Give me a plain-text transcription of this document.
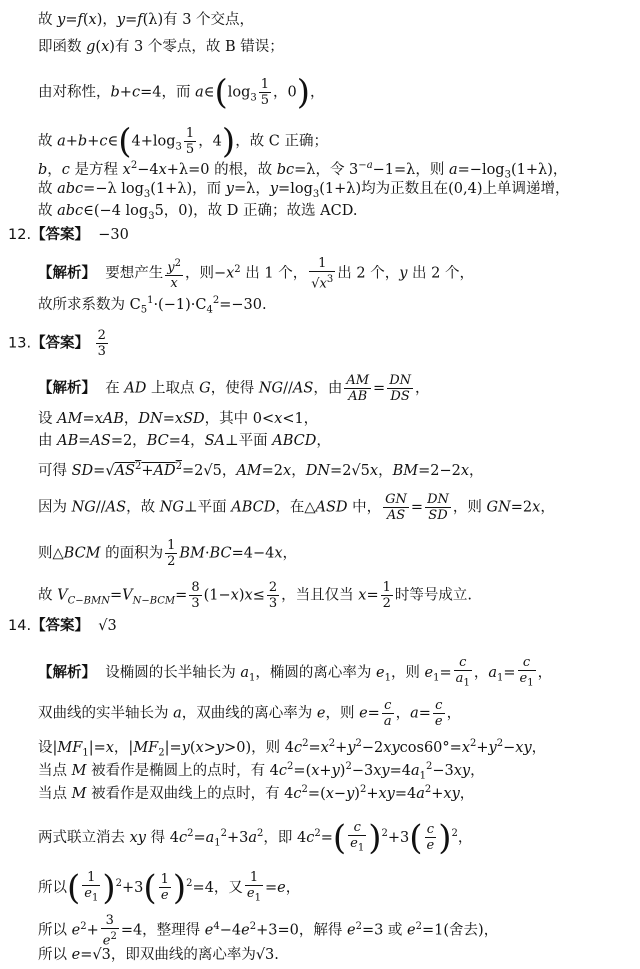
故 y=f(x)，y=f(λ)有 3 个交点，
即函数 g(x)有 3 个零点，故 B 错误；
由对称性，b+c=4，而 $a\in(\log_3 \frac{1}{5}$ ，0)，
故 $a+b+c\in(4+\log_3 \frac{1}{5}$ ，4)，故 C 正确；
b，c 是方程 $x^2-4x+\lambda=0$ 的根，故 bc=λ，令 $3^{-a}-1=\lambda$，则 $a=-\log_3(1+\lambda)$，
故 abc=−λ $\log_3(1+\lambda)$，而 y=λ，$y=\log_3(1+\lambda)$均为正数且在(0,4)上单调递增，
故 abc∈(−4 $\log_35$，0)，故 D 正确；故选 ACD.
12.【答案】  −30
【解析】  要想产生 $\frac{y^2}{x}$ ，则$-x^2$ 出 1 个， $\frac{1}{√x^3}$ 出 2 个，y 出 2 个，
故所求系数为 $C_5^1\cdot(-1)\cdot C_4^2=-30$.
13.【答案】 $\frac{2}{3}$
【解析】  在 AD 上取点 G，使得 NG//AS，由 $\frac{AM}{AB} = \frac{DN}{DS}$ ，
设 AM=xAB，DN=xSD，其中 0<x<1，
由 AB=AS=2，BC=4，SA⊥平面 ABCD，
可得 $SD=√AS^2+AD^2=2√5$，AM=2x，DN=2√5x，BM=2−2x，
因为 NG//AS，故 NG⊥平面 ABCD，在△ASD 中， $\frac{GN}{AS} = \frac{DN}{SD}$ ，则 GN=2x，
则△BCM 的面积为 $\frac{1}{2} BM\cdot BC=4-4x$，
故 $V_{C-BMN}=V_{N-BCM}= \frac{8}{3} (1-x)x\le \frac{2}{3}$ ，当且仅当 $x= \frac{1}{2}$ 时等号成立.
14.【答案】  √3
【解析】  设椭圆的长半轴长为 $a_1$，椭圆的离心率为 $e_1$，则 $e_1= \frac{c}{a_1}$ ，$a_1= \frac{c}{e_1}$ ，
双曲线的实半轴长为 a，双曲线的离心率为 e，则 $e= \frac{c}{a}$ ，$a= \frac{c}{e}$ ，
设$|MF_1|=x$，$|MF_2|=y(x>y>0)$，则 $4c^2=x^2+y^2-2xycos60^\circ=x^2+y^2-xy$，
当点 M 被看作是椭圆上的点时，有 $4c^2=(x+y)^2-3xy=4a_1^2-3xy$，
当点 M 被看作是双曲线上的点时，有 $4c^2=(x-y)^2+xy=4a^2+xy$，
两式联立消去 xy 得 $4c^2=a_1^2+3a^2$，即 $4c^2=( \frac{c}{e_1} )^2+3( \frac{c}{e} )^2$，
所以( $\frac{1}{e_1} )^2+3( \frac{1}{e} )^2=4$，又 $\frac{1}{e_1} =e$，
所以 $e^2+ \frac{3}{e^2} =4$，整理得 $e^4-4e^2+3=0$，解得 $e^2=3$ 或 $e^2=1$(舍去)，
所以 e=√3，即双曲线的离心率为√3.
